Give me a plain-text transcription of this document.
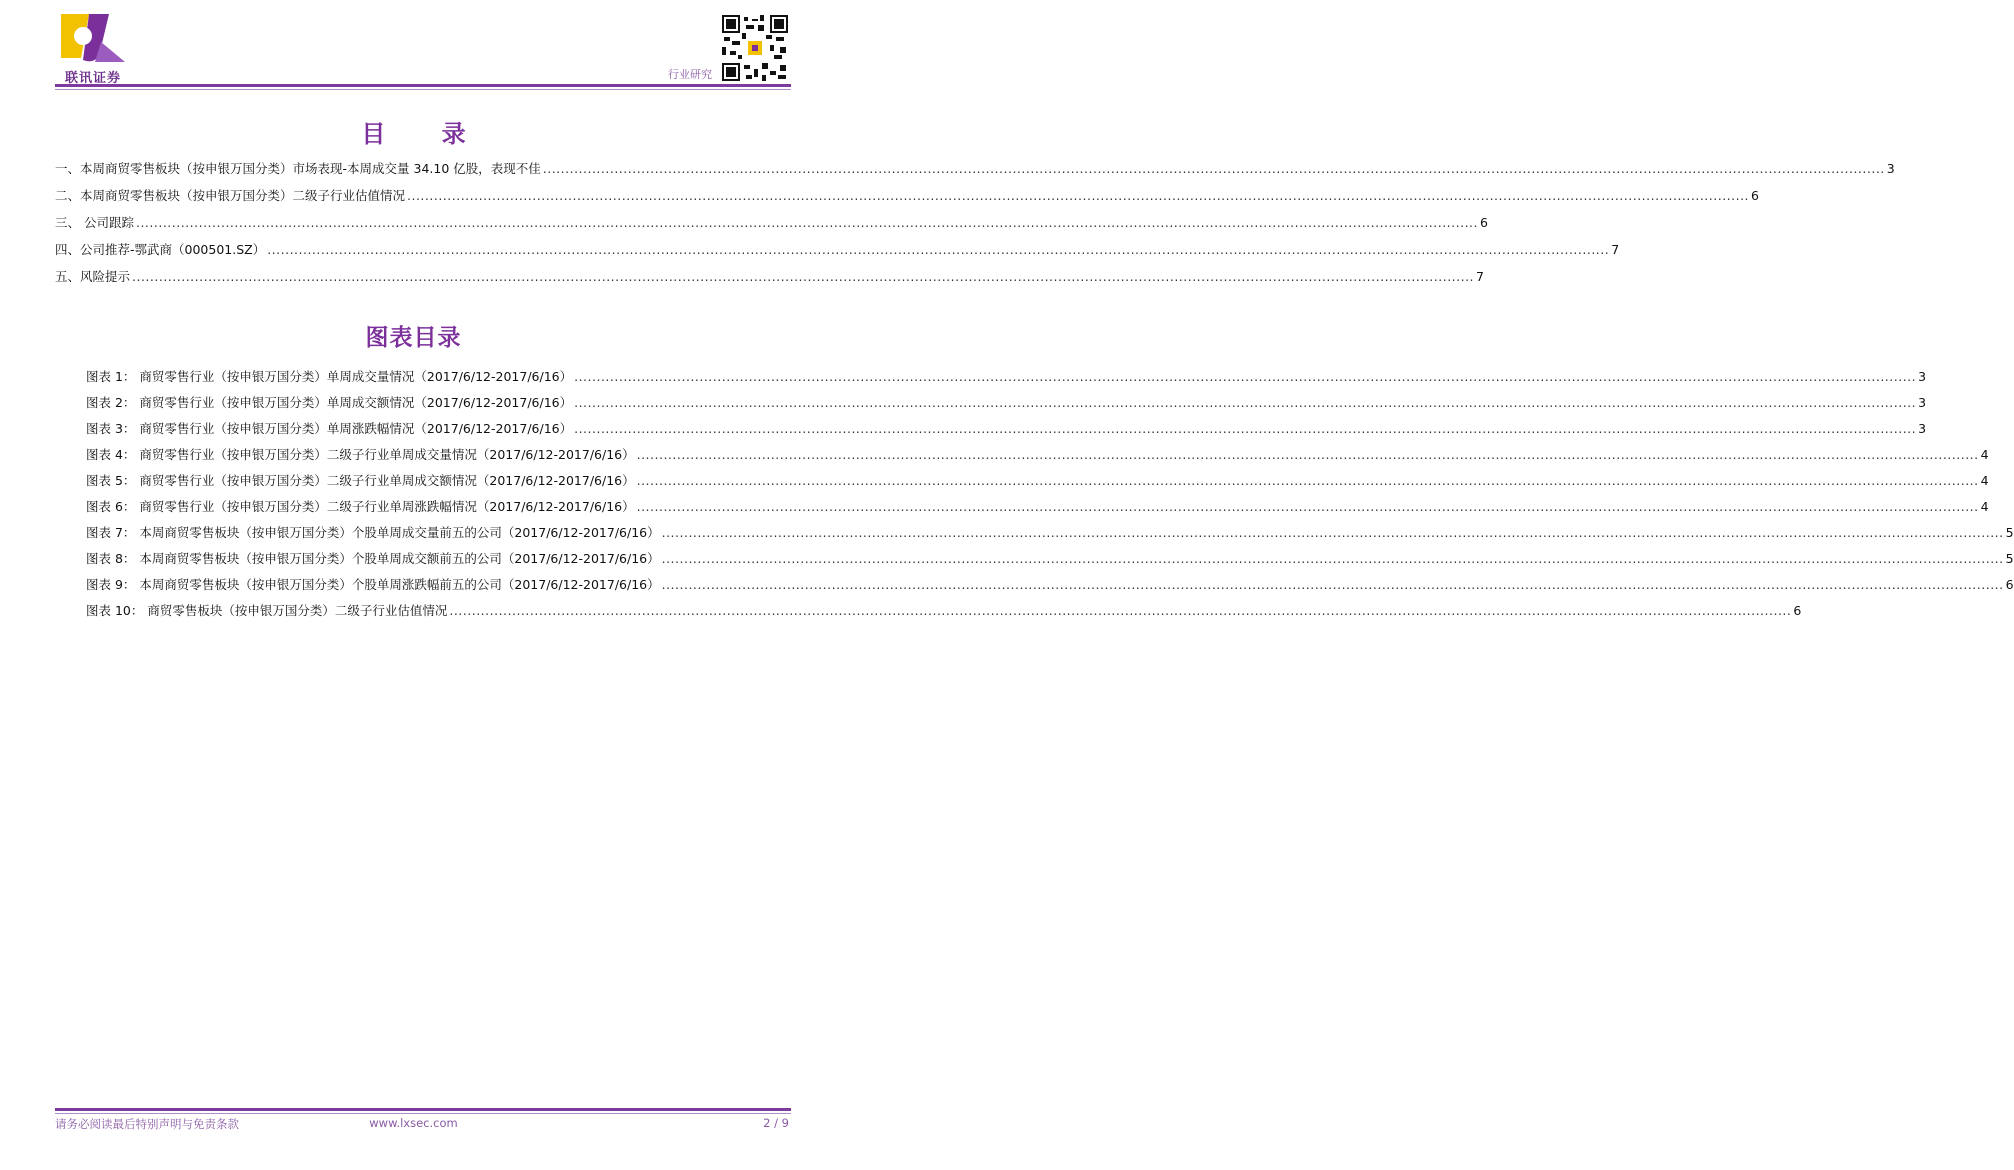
联讯证券	行业研究
目 录
一、本周商贸零售板块（按申银万国分类）市场表现-本周成交量 34.10 亿股，表现不佳 ............................................................................................................................................................................................................................................................................................................ 3
二、本周商贸零售板块（按申银万国分类）二级子行业估值情况 ............................................................................................................................................................................................................................................................................................................ 6
三、 公司跟踪 ............................................................................................................................................................................................................................................................................................................ 6
四、公司推荐-鄂武商（000501.SZ） ............................................................................................................................................................................................................................................................................................................ 7
五、风险提示 ............................................................................................................................................................................................................................................................................................................ 7
图表目录
图表 1： 商贸零售行业（按申银万国分类）单周成交量情况（2017/6/12-2017/6/16） ............................................................................................................................................................................................................................................................................................................ 3
图表 2： 商贸零售行业（按申银万国分类）单周成交额情况（2017/6/12-2017/6/16） ............................................................................................................................................................................................................................................................................................................ 3
图表 3： 商贸零售行业（按申银万国分类）单周涨跌幅情况（2017/6/12-2017/6/16） ............................................................................................................................................................................................................................................................................................................ 3
图表 4： 商贸零售行业（按申银万国分类）二级子行业单周成交量情况（2017/6/12-2017/6/16） ............................................................................................................................................................................................................................................................................................................ 4
图表 5： 商贸零售行业（按申银万国分类）二级子行业单周成交额情况（2017/6/12-2017/6/16） ............................................................................................................................................................................................................................................................................................................ 4
图表 6： 商贸零售行业（按申银万国分类）二级子行业单周涨跌幅情况（2017/6/12-2017/6/16） ............................................................................................................................................................................................................................................................................................................ 4
图表 7： 本周商贸零售板块（按申银万国分类）个股单周成交量前五的公司（2017/6/12-2017/6/16） ............................................................................................................................................................................................................................................................................................................ 5
图表 8： 本周商贸零售板块（按申银万国分类）个股单周成交额前五的公司（2017/6/12-2017/6/16） ............................................................................................................................................................................................................................................................................................................ 5
图表 9： 本周商贸零售板块（按申银万国分类）个股单周涨跌幅前五的公司（2017/6/12-2017/6/16） ............................................................................................................................................................................................................................................................................................................ 6
图表 10： 商贸零售板块（按申银万国分类）二级子行业估值情况 ............................................................................................................................................................................................................................................................................................................ 6
请务必阅读最后特别声明与免责条款	www.lxsec.com	2 / 9
